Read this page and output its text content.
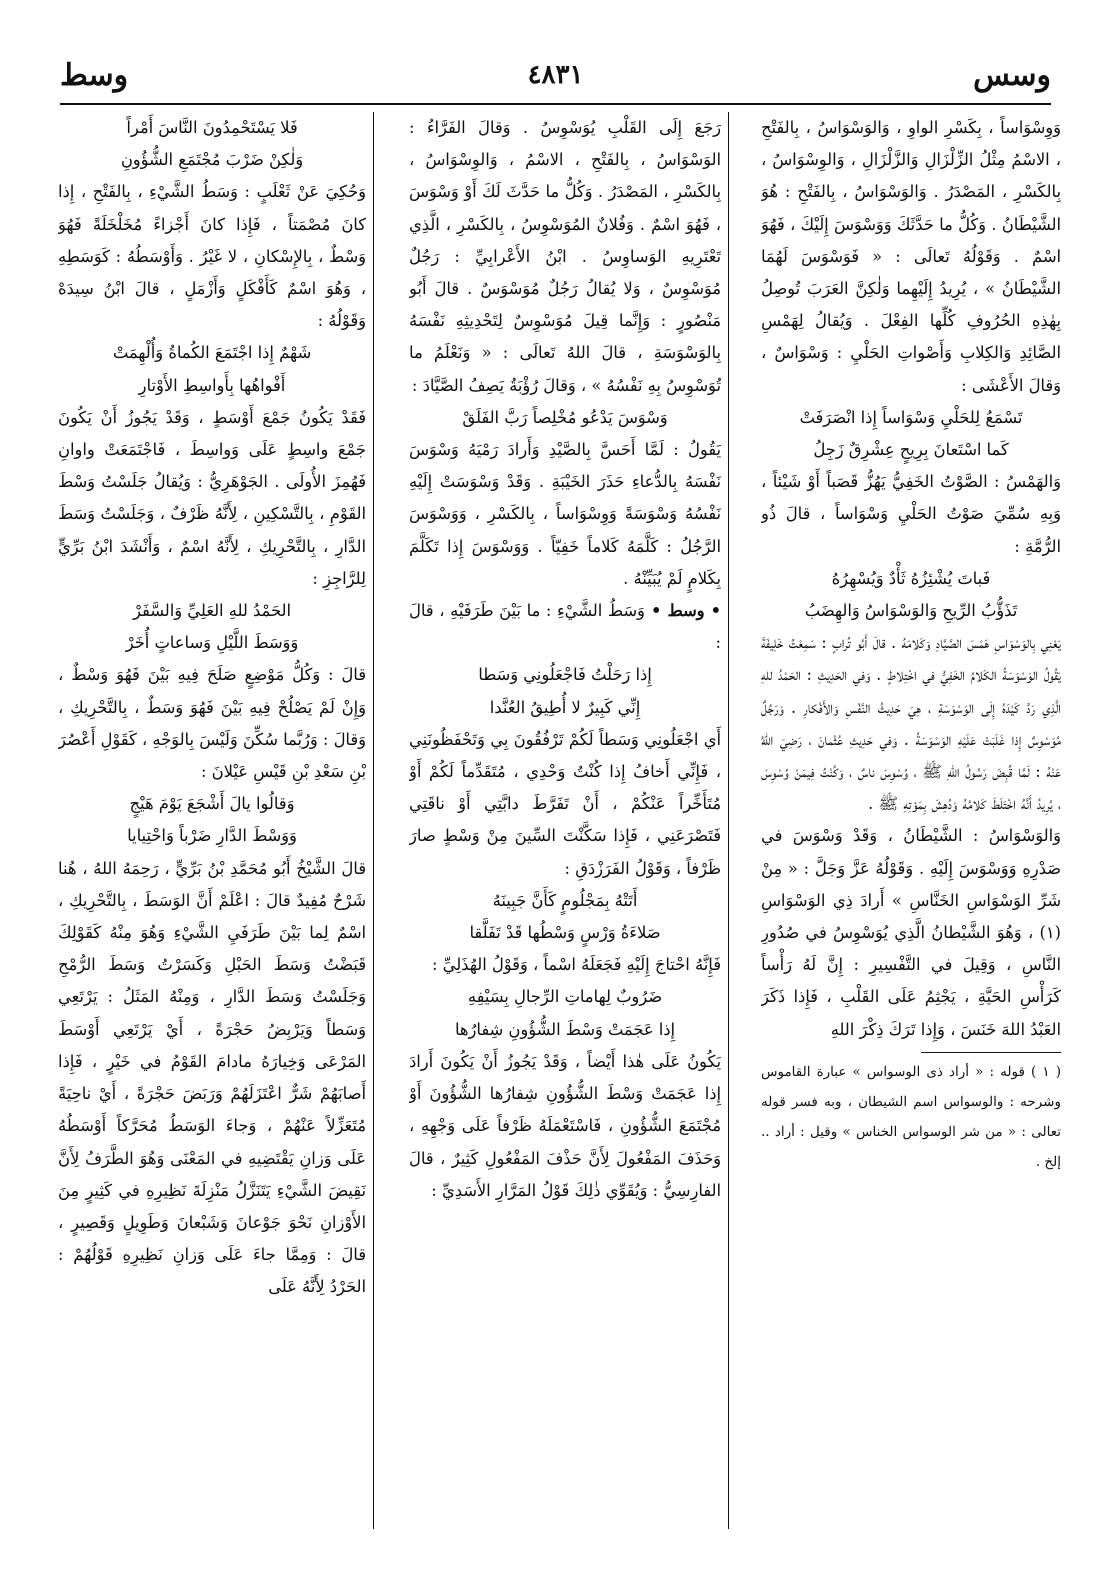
وسس
٤٨٣١
وسط

وَوِسْوَاساً ، بِكَسْرِ الواوِ ، وَالوَسْوَاسُ ، بِالفَتْحِ ، الاسْمُ مِثْلُ الزِّلْزَالِ وَالزَّلْزَالِ ، وَالوِسْوَاسُ ، بِالكَسْرِ ، المَصْدَرُ . وَالوَسْوَاسُ ، بِالفَتْحِ : هُوَ الشَّيْطَانُ . وَكُلُّ ما حَدَّثَكَ وَوَسْوَسَ إِلَيْكَ ، فَهُوَ اسْمٌ . وَقَوْلُهُ تَعالَى : « فَوَسْوَسَ لَهُمَا الشَّيْطَانُ » ، يُرِيدُ إِلَيْهِما وَلٰكِنَّ العَرَبَ تُوصِلُ بِهٰذِهِ الحُرُوفِ كُلِّها الفِعْلَ . وَيُقالُ لِهَمْسِ الصَّائِدِ وَالكِلابِ وَأَصْواتِ الحَلْيِ : وَسْوَاسٌ ، وَقالَ الأَعْشَى :

تَسْمَعُ لِلحَلْيِ وَسْوَاساً إِذا انْصَرَفَتْ

كَما اسْتَعانَ بِرِيحٍ عِشْرِقٌ زَجِلُ

وَالهَمْسُ : الصَّوْتُ الخَفِيُّ يَهُزُّ قَصَباً أَوْ شَيْئاً ، وَبِهِ سُمِّيَ صَوْتُ الحَلْيِ وَسْوَاساً ، قالَ ذُو الرُّمَّةِ :

فَباتَ يُشْئِزُهُ ثَأْدٌ وَيُسْهِرُهُ

تَذَؤُّبُ الرِّيحِ وَالوَسْوَاسُ وَالهِضَبُ

يَعْنِي بِالوَسْوَاسِ هَمْسَ الصَّيَّادِ وَكَلامَهُ . قالَ أَبُو تُرابٍ : سَمِعْتُ خَلِيفَةَ يَقُولُ الوَسْوَسَةُ الكَلامُ الخَفِيُّ في اخْتِلاطٍ . وَفي الحَدِيثِ : الحَمْدُ للهِ الَّذِي رَدَّ كَيْدَهُ إِلَى الوَسْوَسَةِ ، هِيَ حَدِيثُ النَّفْسِ وَالأَفْكارِ . وَرَجُلٌ مُوَسْوِسٌ إِذا غَلَبَتْ عَلَيْهِ الوَسْوَسَةُ . وَفي حَدِيثِ عُثْمانَ ، رَضِيَ اللهُ عَنْهُ : لَمَّا قُبِضَ رَسُولُ اللهِ ﷺ ، وُسْوِسَ ناسٌ ، وَكُنْتُ فِيمَنْ وُسْوِسَ ، يُرِيدُ أَنَّهُ اخْتَلَطَ كَلامُهُ وَدُهِشَ بِمَوْتِهِ ﷺ .

وَالوَسْوَاسُ : الشَّيْطَانُ ، وَقَدْ وَسْوَسَ في صَدْرِهِ وَوَسْوَسَ إِلَيْهِ . وَقَوْلُهُ عَزَّ وَجَلَّ : « مِنْ شَرِّ الوَسْوَاسِ الخَنَّاسِ » أَرادَ ذِي الوَسْوَاسِ (١) ، وَهُوَ الشَّيْطانُ الَّذِي يُوَسْوِسُ في صُدُورِ النَّاسِ ، وَقِيلَ في التَّفْسِيرِ : إِنَّ لَهُ رَأْساً كَرَأْسِ الحَيَّةِ ، يَجْثِمُ عَلَى القَلْبِ ، فَإِذا ذَكَرَ العَبْدُ اللهَ خَنَسَ ، وَإِذا تَرَكَ ذِكْرَ اللهِ

( ١ ) قوله : « أراد ذى الوسواس » عبارة القاموس وشرحه : والوسواس اسم الشيطان ، وبه فسر قوله تعالى : « من شر الوسواس الخناس » وقيل : أراد .. إلخ .

رَجَعَ إِلَى القَلْبِ يُوَسْوِسُ . وَقالَ الفَرَّاءُ : الوَسْوَاسُ ، بِالفَتْحِ ، الاسْمُ ، وَالوِسْوَاسُ ، بِالكَسْرِ ، المَصْدَرُ . وَكُلُّ ما حَدَّثَ لَكَ أَوْ وَسْوَسَ ، فَهُوَ اسْمٌ . وَفُلانٌ المُوَسْوِسُ ، بِالكَسْرِ ، الَّذِي تَعْتَرِيهِ الوَساوِسُ . ابْنُ الأَعْرابِيِّ : رَجُلٌ مُوَسْوِسٌ ، وَلا يُقالُ رَجُلٌ مُوَسْوَسٌ . قالَ أَبُو مَنْصُورٍ : وَإِنَّما قِيلَ مُوَسْوِسٌ لِتَحْدِيثِهِ نَفْسَهُ بِالوَسْوَسَةِ ، قالَ اللهُ تَعالَى : « وَنَعْلَمُ ما تُوَسْوِسُ بِهِ نَفْسُهُ » ، وَقالَ رُؤْبَةُ يَصِفُ الصَّيَّادَ :

وَسْوَسَ يَدْعُو مُخْلِصاً رَبَّ الفَلَقْ

يَقُولُ : لَمَّا أَحَسَّ بِالصَّيْدِ وَأَرادَ رَمْيَهُ وَسْوَسَ نَفْسَهُ بِالدُّعاءِ حَذَرَ الخَيْبَةِ . وَقَدْ وَسْوَسَتْ إِلَيْهِ نَفْسُهُ وَسْوَسَةً وَوِسْوَاساً ، بِالكَسْرِ ، وَوَسْوَسَ الرَّجُلُ : كَلَّمَهُ كَلاماً خَفِيّاً . وَوَسْوَسَ إِذا تَكَلَّمَ بِكَلامٍ لَمْ يُبَيِّنْهُ .

• وسط • وَسَطُ الشَّيْءِ : ما بَيْنَ طَرَفَيْهِ ، قالَ :

إِذا رَحَلْتُ فَاجْعَلُونِي وَسَطا

إِنِّي كَبِيرٌ لا أُطِيقُ العُنَّدا

أَي اجْعَلُونِي وَسَطاً لَكُمْ تَرْفُقُونَ بِي وَتَحْفَظُونَنِي ، فَإِنِّي أَخافُ إِذا كُنْتُ وَحْدِي ، مُتَقَدِّماً لَكُمْ أَوْ مُتَأَخِّراً عَنْكُمْ ، أَنْ تَفَرَّطَ دابَّتِي أَوْ ناقَتِي فَتَصْرَعَنِي ، فَإِذا سَكَّنْتَ السِّينَ مِنْ وَسْطٍ صارَ ظَرْفاً ، وَقَوْلُ الفَرَزْدَقِ :

أَتَتْهُ بِمَجْلُومٍ كَأَنَّ جَبِينَهُ

صَلاءَةُ وَرْسٍ وَسْطُها قَدْ تَفَلَّقا

فَإِنَّهُ احْتاجَ إِلَيْهِ فَجَعَلَهُ اسْماً ، وَقَوْلُ الهُذَلِيِّ :

ضَرُوبٌ لِهاماتِ الرِّجالِ بِسَيْفِهِ

إِذا عَجَمَتْ وَسْطَ الشُّؤُونِ شِفارُها

يَكُونُ عَلَى هٰذا أَيْضاً ، وَقَدْ يَجُوزُ أَنْ يَكُونَ أَرادَ إِذا عَجَمَتْ وَسْطَ الشُّؤُونِ شِفارُها الشُّؤُونَ أَوْ مُجْتَمَعَ الشُّؤُونِ ، فَاسْتَعْمَلَهُ ظَرْفاً عَلَى وَجْهِهِ ، وَحَذَفَ المَفْعُولَ لِأَنَّ حَذْفَ المَفْعُولِ كَثِيرٌ ، قالَ الفارِسِيُّ : وَيُقَوِّي ذٰلِكَ قَوْلُ المَرَّارِ الأَسَدِيِّ :

فَلا يَسْتَحْمِدُونَ النَّاسَ أَمْراً

وَلٰكِنْ ضَرْبَ مُجْتَمَعِ الشُّؤُونِ

وَحُكِيَ عَنْ ثَعْلَبٍ : وَسَطُ الشَّيْءِ ، بِالفَتْحِ ، إِذا كانَ مُصْمَتاً ، فَإِذا كانَ أَجْزاءً مُخَلْخَلَةً فَهُوَ وَسْطٌ ، بِالإِسْكانِ ، لا غَيْرُ . وَأَوْسَطُهُ : كَوَسَطِهِ ، وَهُوَ اسْمٌ كَأَفْكَلٍ وَأَزْمَلٍ ، قالَ ابْنُ سِيدَهْ وَقَوْلُهُ :

شَهْمٌ إِذا اجْتَمَعَ الكُماةُ وَأُلْهِمَتْ

أَفْواهُها بِأَواسِطِ الأَوْتارِ

فَقَدْ يَكُونُ جَمْعَ أَوْسَطٍ ، وَقَدْ يَجُوزُ أَنْ يَكُونَ جَمْعَ واسِطٍ عَلَى وَواسِطَ ، فَاجْتَمَعَتْ واوانِ فَهُمِزَ الأُولَى . الجَوْهَرِيُّ : وَيُقالُ جَلَسْتُ وَسْطَ القَوْمِ ، بِالتَّسْكِينِ ، لِأَنَّهُ ظَرْفٌ ، وَجَلَسْتُ وَسَطَ الدَّارِ ، بِالتَّحْرِيكِ ، لِأَنَّهُ اسْمٌ ، وَأَنْشَدَ ابْنُ بَرِّيٍّ لِلرَّاجِزِ :

الحَمْدُ للهِ العَلِيِّ وَالسَّفَرْ

وَوَسَطَ اللَّيْلِ وَساعاتٍ أُخَرْ

قالَ : وَكُلُّ مَوْضِعٍ صَلَحَ فِيهِ بَيْنَ فَهُوَ وَسْطٌ ، وَإِنْ لَمْ يَصْلُحْ فِيهِ بَيْنَ فَهُوَ وَسَطٌ ، بِالتَّحْرِيكِ ، وَقالَ : وَرُبَّما سُكِّنَ وَلَيْسَ بِالوَجْهِ ، كَقَوْلِ أَعْصُرَ بْنِ سَعْدِ بْنِ قَيْسِ عَيْلانَ :

وَقالُوا يالَ أَشْجَعَ يَوْمَ هَيْجٍ

وَوَسْطَ الدَّارِ ضَرْباً وَاحْتِيايا

قالَ الشَّيْخُ أَبُو مُحَمَّدِ بْنُ بَرِّيٍّ ، رَحِمَهُ اللهُ ، هُنا شَرْحٌ مُفِيدٌ قالَ : اعْلَمْ أَنَّ الوَسَطَ ، بِالتَّحْرِيكِ ، اسْمٌ لِما بَيْنَ طَرَفَيِ الشَّيْءِ وَهُوَ مِنْهُ كَقَوْلِكَ قَبَضْتُ وَسَطَ الحَبْلِ وَكَسَرْتُ وَسَطَ الرُّمْحِ وَجَلَسْتُ وَسَطَ الدَّارِ ، وَمِنْهُ المَثَلُ : يَرْتَعِي وَسَطاً وَيَرْبِضُ حَجْرَةً ، أَيْ يَرْتَعِي أَوْسَطَ المَرْعَى وَخِيارَهُ مادامَ القَوْمُ في خَيْرٍ ، فَإِذا أَصابَهُمْ شَرٌّ اعْتَزَلَهُمْ وَرَبَضَ حَجْرَةً ، أَيْ ناحِيَةً مُتَعَزِّلاً عَنْهُمْ ، وَجاءَ الوَسَطُ مُحَرَّكاً أَوْسَطُهُ عَلَى وَزانِ يَقْتَضِيهِ في المَعْنَى وَهُوَ الطَّرَفُ لِأَنَّ نَقِيضَ الشَّيْءِ يَتَنَزَّلُ مَنْزِلَةَ نَظِيرِهِ في كَثِيرٍ مِنَ الأَوْزانِ نَحْوَ جَوْعانَ وَشَبْعانَ وَطَوِيلٍ وَقَصِيرٍ ، قالَ : وَمِمَّا جاءَ عَلَى وَزانِ نَظِيرِهِ قَوْلُهُمْ : الحَرْدُ لِأَنَّهُ عَلَى
